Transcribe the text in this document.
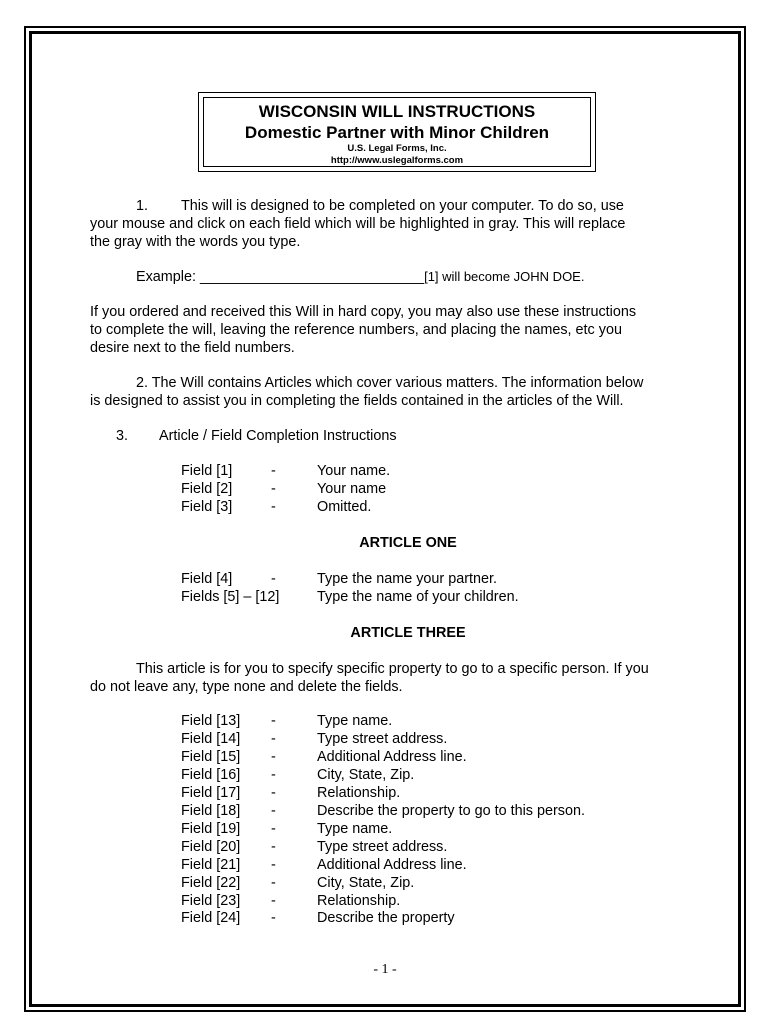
WISCONSIN WILL INSTRUCTIONS
Domestic Partner with Minor Children
U.S. Legal Forms, Inc.
http://www.uslegalforms.com
1. This will is designed to be completed on your computer. To do so, use
your mouse and click on each field which will be highlighted in gray. This will replace
the gray with the words you type.
Example: ____________________________[1] will become JOHN DOE.
If you ordered and received this Will in hard copy, you may also use these instructions
to complete the will, leaving the reference numbers, and placing the names, etc you
desire next to the field numbers.
2. The Will contains Articles which cover various matters. The information below
is designed to assist you in completing the fields contained in the articles of the Will.
3. Article / Field Completion Instructions
Field [1]	-	Your name.
Field [2]	-	Your name
Field [3]	-	Omitted.
ARTICLE ONE
Field [4]	-	Type the name your partner.
Fields [5] – [12]	Type the name of your children.
ARTICLE THREE
This article is for you to specify specific property to go to a specific person. If you
do not leave any, type none and delete the fields.
Field [13] -	Type name.
Field [14] -	Type street address.
Field [15] -	Additional Address line.
Field [16] -	City, State, Zip.
Field [17] -	Relationship.
Field [18] -	Describe the property to go to this person.
Field [19] -	Type name.
Field [20] -	Type street address.
Field [21] -	Additional Address line.
Field [22] -	City, State, Zip.
Field [23] -	Relationship.
Field [24] -	Describe the property
- 1 -
